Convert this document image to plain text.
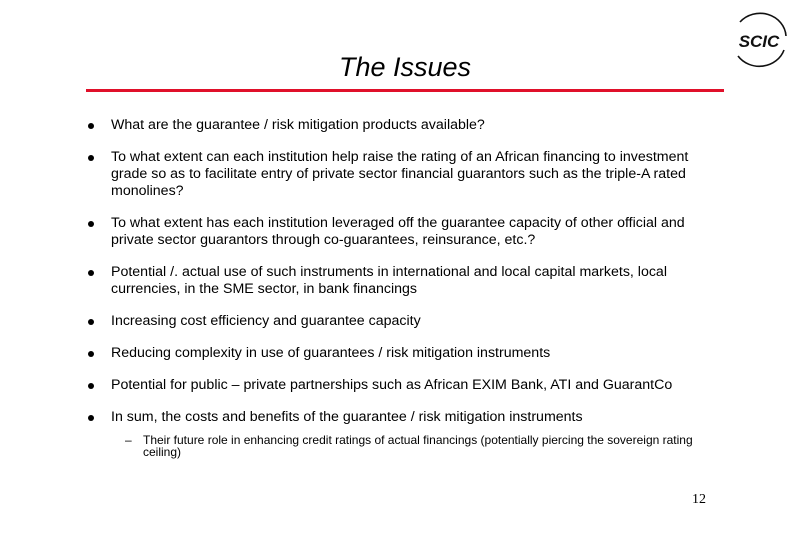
SCIC
The Issues
What are the guarantee / risk mitigation products available?
To what extent can each institution help raise the rating of an African financing to investment grade so as to facilitate entry of private sector financial guarantors such as the triple-A rated monolines?
To what extent has each institution leveraged off the guarantee capacity of other official and private sector guarantors through co-guarantees, reinsurance, etc.?
Potential /. actual use of such instruments in international and local capital markets, local currencies, in the SME sector, in bank financings
Increasing cost efficiency and guarantee capacity
Reducing complexity in use of guarantees / risk mitigation instruments
Potential for public – private partnerships such as African EXIM Bank, ATI and GuarantCo
In sum, the costs and benefits of the guarantee / risk mitigation instruments
– Their future role in enhancing credit ratings of actual financings (potentially piercing the sovereign rating ceiling)
12
